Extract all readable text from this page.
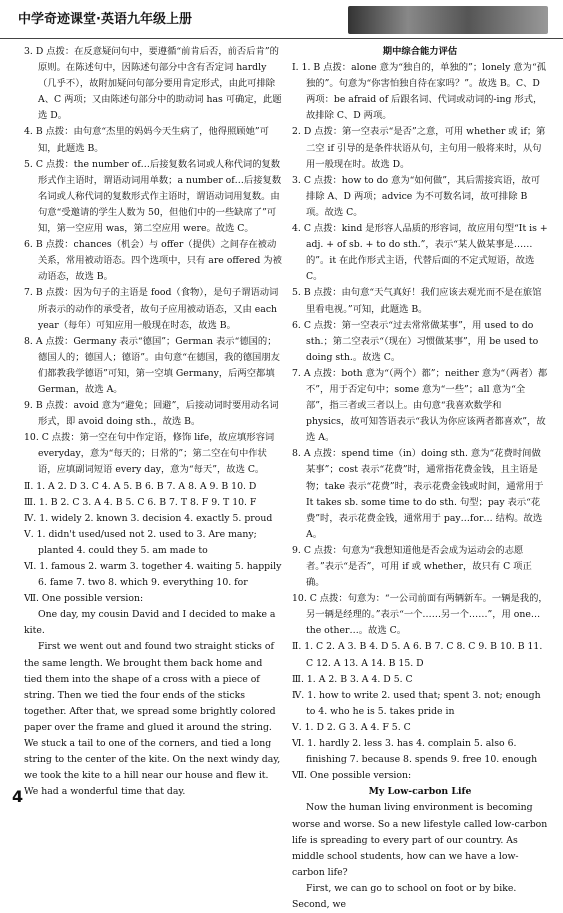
中学奇迹课堂·英语九年级上册

3. D 点拨：在反意疑问句中，要遵循“前肯后否，前否后肯”的原则。在陈述句中，因陈述句部分中含有否定词 hardly（几乎不），故附加疑问句部分要用肯定形式，由此可排除 A、C 两项；又由陈述句部分中的助动词 has 可确定，此题选 D。

4. B 点拨：由句意“杰里的妈妈今天生病了，他得照顾她”可知，此题选 B。

5. C 点拨：the number of…后接复数名词或人称代词的复数形式作主语时，谓语动词用单数；a number of…后接复数名词或人称代词的复数形式作主语时，谓语动词用复数。由句意“受邀请的学生人数为 50，但他们中的一些缺席了”可知，第一空应用 was，第二空应用 were。故选 C。

6. B 点拨：chances（机会）与 offer（提供）之间存在被动关系，常用被动语态。四个选项中，只有 are offered 为被动语态，故选 B。

7. B 点拨：因为句子的主语是 food（食物），是句子谓语动词所表示的动作的承受者，故句子应用被动语态，又由 each year（每年）可知应用一般现在时态，故选 B。

8. A 点拨：Germany 表示“德国”；German 表示“德国的；德国人的；德国人；德语”。由句意“在德国，我的德国朋友们都教我学德语”可知，第一空填 Germany，后两空都填 German，故选 A。

9. B 点拨：avoid 意为“避免；回避”，后接动词时要用动名词形式，即 avoid doing sth.，故选 B。

10. C 点拨：第一空在句中作定语，修饰 life，故应填形容词 everyday，意为“每天的；日常的”；第二空在句中作状语，应填副词短语 every day，意为“每天”，故选 C。

Ⅱ. 1. A 2. D 3. C 4. A 5. B 6. B 7. A 8. A 9. B 10. D

Ⅲ. 1. B 2. C 3. A 4. B 5. C 6. B 7. T 8. F 9. T 10. F

Ⅳ. 1. widely 2. known 3. decision 4. exactly 5. proud

Ⅴ. 1. didn't used/used not 2. used to 3. Are many; planted 4. could they 5. am made to

Ⅵ. 1. famous 2. warm 3. together 4. waiting 5. happily 6. fame 7. two 8. which 9. everything 10. for

Ⅶ. One possible version:

One day, my cousin David and I decided to make a kite.

First we went out and found two straight sticks of the same length. We brought them back home and tied them into the shape of a cross with a piece of string. Then we tied the four ends of the sticks together. After that, we spread some brightly colored paper over the frame and glued it around the string. We stuck a tail to one of the corners, and tied a long string to the center of the kite. On the next windy day, we took the kite to a hill near our house and flew it. We had a wonderful time that day.

期中综合能力评估

Ⅰ. 1. B 点拨：alone 意为“独自的，单独的”；lonely 意为“孤独的”。句意为“你害怕独自待在家吗？”。故选 B。C、D 两项：be afraid of 后跟名词、代词或动词的-ing 形式，故排除 C、D 两项。

2. D 点拨：第一空表示“是否”之意，可用 whether 或 if；第二空 if 引导的是条件状语从句，主句用一般将来时，从句用一般现在时。故选 D。

3. C 点拨：how to do 意为“如何做”，其后需接宾语，故可排除 A、D 两项；advice 为不可数名词，故可排除 B 项。故选 C。

4. C 点拨：kind 是形容人品质的形容词，故应用句型“It is + adj. + of sb. + to do sth.”，表示“某人做某事是……的”。it 在此作形式主语，代替后面的不定式短语，故选 C。

5. B 点拨：由句意“天气真好！我们应该去观光而不是在旅馆里看电视。”可知，此题选 B。

6. C 点拨：第一空表示“过去常常做某事”，用 used to do sth.；第二空表示“（现在）习惯做某事”，用 be used to doing sth.。故选 C。

7. A 点拨：both 意为“（两个）都”；neither 意为“（两者）都不”，用于否定句中；some 意为“一些”；all 意为“全部”，指三者或三者以上。由句意“我喜欢数学和 physics，故可知答语表示“我认为你应该两者都喜欢”，故选 A。

8. A 点拨：spend time（in）doing sth. 意为“花费时间做某事”；cost 表示“花费”时，通常指花费金钱，且主语是物；take 表示“花费”时，表示花费金钱或时间，通常用于 It takes sb. some time to do sth. 句型；pay 表示“花费”时，表示花费金钱，通常用于 pay…for… 结构。故选 A。

9. C 点拨：句意为“我想知道他是否会成为运动会的志愿者。”表示“是否”，可用 if 或 whether，故只有 C 项正确。

10. C 点拨：句意为：“一公司前面有两辆新车。一辆是我的，另一辆是经理的。”表示“一个……另一个……”，用 one…the other…。故选 C。

Ⅱ. 1. C 2. A 3. B 4. D 5. A 6. B 7. C 8. C 9. B 10. B 11. C 12. A 13. A 14. B 15. D

Ⅲ. 1. A 2. B 3. A 4. D 5. C

Ⅳ. 1. how to write 2. used that; spent 3. not; enough to 4. who he is 5. takes pride in

Ⅴ. 1. D 2. G 3. A 4. F 5. C

Ⅵ. 1. hardly 2. less 3. has 4. complain 5. also 6. finishing 7. because 8. spends 9. free 10. enough

Ⅶ. One possible version:

My Low-carbon Life

Now the human living environment is becoming worse and worse. So a new lifestyle called low-carbon life is spreading to every part of our country. As middle school students, how can we have a low-carbon life?

First, we can go to school on foot or by bike. Second, we

4
